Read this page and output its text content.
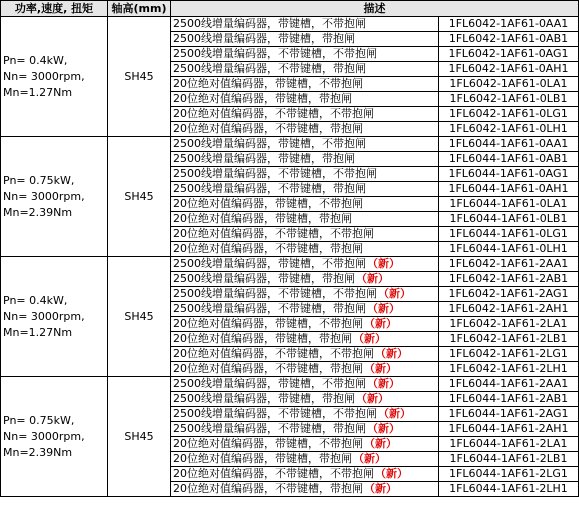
功率,速度, 扭矩	轴高(mm)	描述	

Pn= 0.4kW,
Nn= 3000rpm,
Mn=1.27Nm	SH45	2500线增量编码器，带键槽，不带抱闸	1FL6042-1AF61-0AA1
		2500线增量编码器，带键槽，带抱闸	1FL6042-1AF61-0AB1
		2500线增量编码器，不带键槽，不带抱闸	1FL6042-1AF61-0AG1
		2500线增量编码器，不带键槽，带抱闸	1FL6042-1AF61-0AH1
		20位绝对值编码器，带键槽，不带抱闸	1FL6042-1AF61-0LA1
		20位绝对值编码器，带键槽，带抱闸	1FL6042-1AF61-0LB1
		20位绝对值编码器，不带键槽，不带抱闸	1FL6042-1AF61-0LG1
		20位绝对值编码器，不带键槽，带抱闸	1FL6042-1AF61-0LH1

Pn= 0.75kW,
Nn= 3000rpm,
Mn=2.39Nm	SH45	2500线增量编码器，带键槽，不带抱闸	1FL6044-1AF61-0AA1
		2500线增量编码器，带键槽，带抱闸	1FL6044-1AF61-0AB1
		2500线增量编码器，不带键槽，不带抱闸	1FL6044-1AF61-0AG1
		2500线增量编码器，不带键槽，带抱闸	1FL6044-1AF61-0AH1
		20位绝对值编码器，带键槽，不带抱闸	1FL6044-1AF61-0LA1
		20位绝对值编码器，带键槽，带抱闸	1FL6044-1AF61-0LB1
		20位绝对值编码器，不带键槽，不带抱闸	1FL6044-1AF61-0LG1
		20位绝对值编码器，不带键槽，带抱闸	1FL6044-1AF61-0LH1

Pn= 0.4kW,
Nn= 3000rpm,
Mn=1.27Nm	SH45	2500线增量编码器，带键槽，不带抱闸（新）	1FL6042-1AF61-2AA1
		2500线增量编码器，带键槽，带抱闸（新）	1FL6042-1AF61-2AB1
		2500线增量编码器，不带键槽，不带抱闸（新）	1FL6042-1AF61-2AG1
		2500线增量编码器，不带键槽，带抱闸（新）	1FL6042-1AF61-2AH1
		20位绝对值编码器，带键槽，不带抱闸（新）	1FL6042-1AF61-2LA1
		20位绝对值编码器，带键槽，带抱闸（新）	1FL6042-1AF61-2LB1
		20位绝对值编码器，不带键槽，不带抱闸（新）	1FL6042-1AF61-2LG1
		20位绝对值编码器，不带键槽，带抱闸（新）	1FL6042-1AF61-2LH1

Pn= 0.75kW,
Nn= 3000rpm,
Mn=2.39Nm	SH45	2500线增量编码器，带键槽，不带抱闸（新）	1FL6044-1AF61-2AA1
		2500线增量编码器，带键槽，带抱闸（新）	1FL6044-1AF61-2AB1
		2500线增量编码器，不带键槽，不带抱闸（新）	1FL6044-1AF61-2AG1
		2500线增量编码器，不带键槽，带抱闸（新）	1FL6044-1AF61-2AH1
		20位绝对值编码器，带键槽，不带抱闸（新）	1FL6044-1AF61-2LA1
		20位绝对值编码器，带键槽，带抱闸（新）	1FL6044-1AF61-2LB1
		20位绝对值编码器，不带键槽，不带抱闸（新）	1FL6044-1AF61-2LG1
		20位绝对值编码器，不带键槽，带抱闸（新）	1FL6044-1AF61-2LH1
